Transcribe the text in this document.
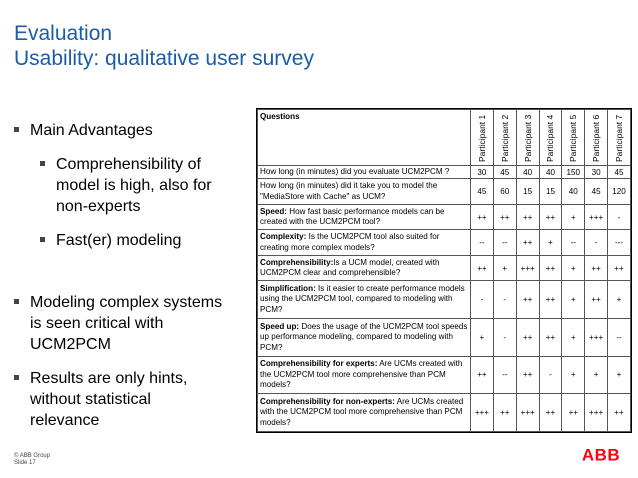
Evaluation
Usability: qualitative user survey
Main Advantages
Comprehensibility of model is high, also for non-experts
Fast(er) modeling
Modeling complex systems is seen critical with UCM2PCM
Results are only hints, without statistical relevance
Questions	Participant 1	Participant 2	Participant 3	Participant 4	Participant 5	Participant 6	Participant 7

How long (in minutes) did you evaluate UCM2PCM ?	30	45	40	40	150	30	45
How long (in minutes) did it take you to model the "MediaStore with Cache" as UCM?	45	60	15	15	40	45	120
Speed: How fast basic performance models can be created with the UCM2PCM tool?	++	++	++	++	+	+++	-
Complexity: Is the UCM2PCM tool also suited for creating more complex models?	--	--	++	+	--	-	---
Comprehensibility:Is a UCM model, created with UCM2PCM clear and comprehensible?	++	+	+++	++	+	++	++
Simplification: Is it easier to create performance models using the UCM2PCM tool, compared to modeling with PCM?	-	-	++	++	+	++	+
Speed up: Does the usage of the UCM2PCM tool speeds up performance modeling, compared to modeling with PCM?	+	-	++	++	+	+++	--
Comprehensibility for experts: Are UCMs created with the UCM2PCM tool more comprehensive than PCM models?	++	--	++	-	+	+	+
Comprehensibility for non-experts: Are UCMs created with the UCM2PCM tool more comprehensive than PCM models?	+++	++	+++	++	++	+++	++
© ABB Group
Slide 17	ABB
